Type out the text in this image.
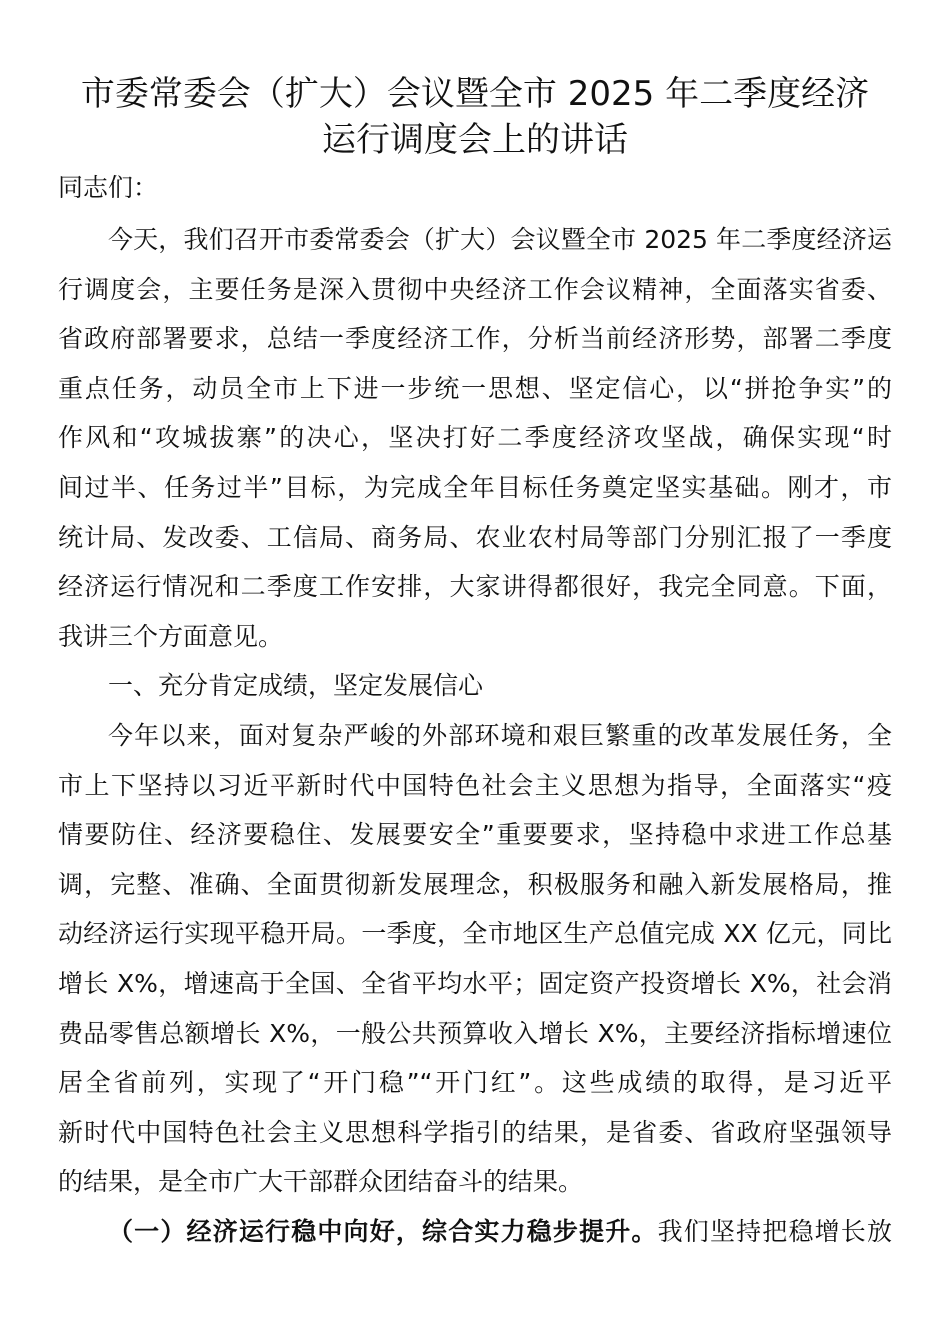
市委常委会（扩大）会议暨全市 2025 年二季度经济
运行调度会上的讲话
同志们：
今天，我们召开市委常委会（扩大）会议暨全市 2025 年二季度经济运
行调度会，主要任务是深入贯彻中央经济工作会议精神，全面落实省委、
省政府部署要求，总结一季度经济工作，分析当前经济形势，部署二季度
重点任务，动员全市上下进一步统一思想、坚定信心，以“拼抢争实”的
作风和“攻城拔寨”的决心，坚决打好二季度经济攻坚战，确保实现“时
间过半、任务过半”目标，为完成全年目标任务奠定坚实基础。刚才，市
统计局、发改委、工信局、商务局、农业农村局等部门分别汇报了一季度
经济运行情况和二季度工作安排，大家讲得都很好，我完全同意。下面，
我讲三个方面意见。
一、充分肯定成绩，坚定发展信心
今年以来，面对复杂严峻的外部环境和艰巨繁重的改革发展任务，全
市上下坚持以习近平新时代中国特色社会主义思想为指导，全面落实“疫
情要防住、经济要稳住、发展要安全”重要要求，坚持稳中求进工作总基
调，完整、准确、全面贯彻新发展理念，积极服务和融入新发展格局，推
动经济运行实现平稳开局。一季度，全市地区生产总值完成 XX 亿元，同比
增长 X%，增速高于全国、全省平均水平；固定资产投资增长 X%，社会消
费品零售总额增长 X%，一般公共预算收入增长 X%，主要经济指标增速位
居全省前列，实现了“开门稳”“开门红”。这些成绩的取得，是习近平
新时代中国特色社会主义思想科学指引的结果，是省委、省政府坚强领导
的结果，是全市广大干部群众团结奋斗的结果。
（一）经济运行稳中向好，综合实力稳步提升。我们坚持把稳增长放
